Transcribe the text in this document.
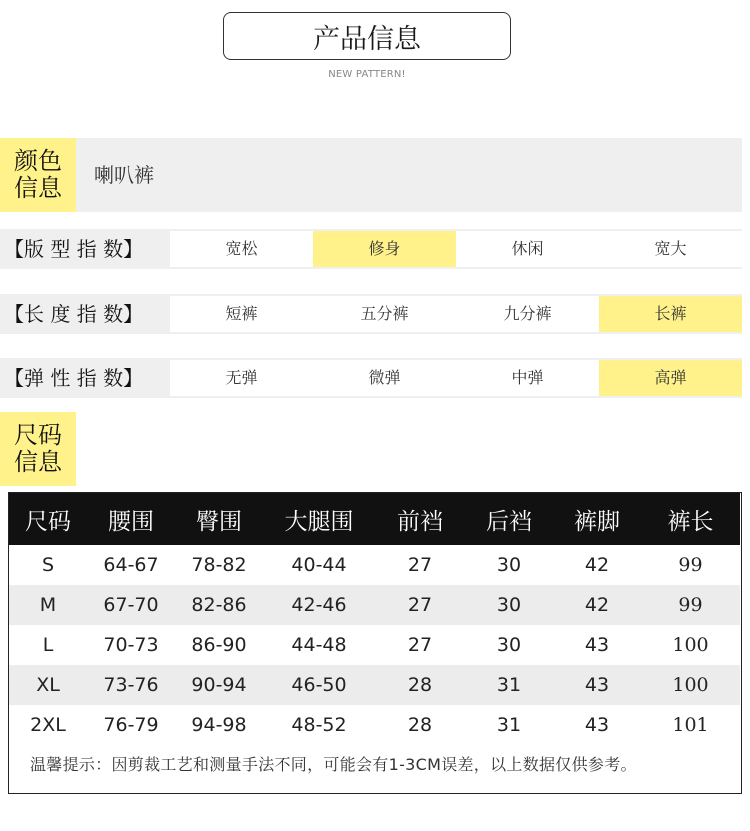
产品信息
NEW PATTERN!
颜色
信息 喇叭裤
【版 型 指 数】	宽松	修身	休闲	宽大
【长 度 指 数】	短裤	五分裤	九分裤	长裤
【弹 性 指 数】	无弹	微弹	中弹	高弹
尺码
信息
尺码	腰围	臀围	大腿围	前裆	后裆	裤脚	裤长
S	64-67	78-82	40-44	27	30	42	99
M	67-70	82-86	42-46	27	30	42	99
L	70-73	86-90	44-48	27	30	43	100
XL	73-76	90-94	46-50	28	31	43	100
2XL	76-79	94-98	48-52	28	31	43	101
温馨提示：因剪裁工艺和测量手法不同，可能会有1-3CM误差，以上数据仅供参考。
